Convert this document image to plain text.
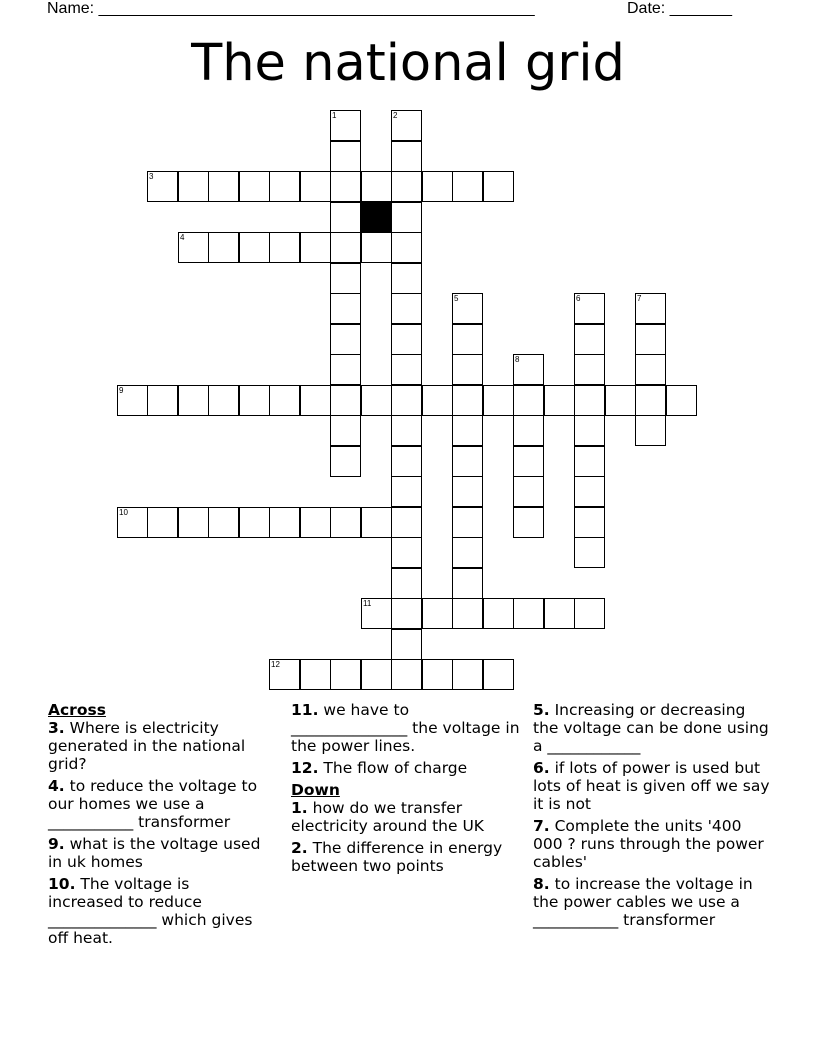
Name: _________________________________________________	Date: _______
The national grid
1	2
3
4
5	6	7
8
9
10
11
12

Across

3. Where is electricity generated in the national grid?

4. to reduce the voltage to our homes we use a ___________ transformer

9. what is the voltage used in uk homes

10. The voltage is increased to reduce ______________ which gives off heat.

11. we have to _______________ the voltage in the power lines.

12. The flow of charge

Down

1. how do we transfer electricity around the UK

2. The difference in energy between two points

5. Increasing or decreasing the voltage can be done using a ____________

6. if lots of power is used but lots of heat is given off we say it is not

7. Complete the units '400 000 ? runs through the power cables'

8. to increase the voltage in the power cables we use a ___________ transformer
